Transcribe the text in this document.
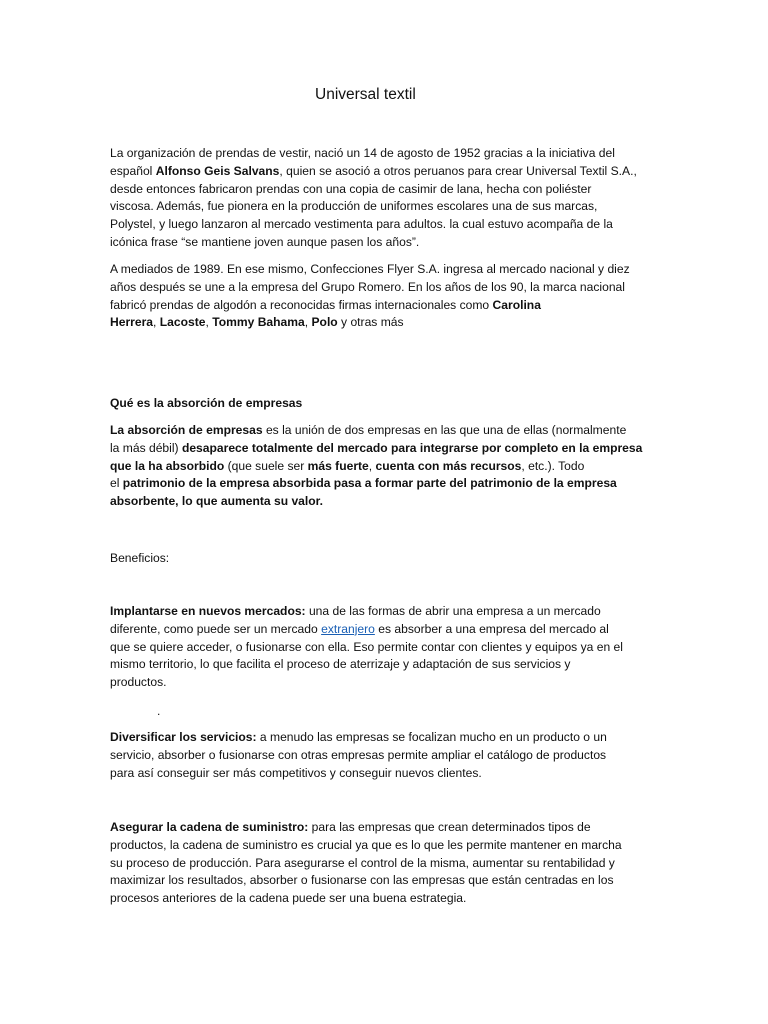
Universal textil

La organización de prendas de vestir, nació un 14 de agosto de 1952 gracias a la iniciativa del
español Alfonso Geis Salvans, quien se asoció a otros peruanos para crear Universal Textil S.A.,
desde entonces fabricaron prendas con una copia de casimir de lana, hecha con poliéster
viscosa. Además, fue pionera en la producción de uniformes escolares una de sus marcas,
Polystel, y luego lanzaron al mercado vestimenta para adultos. la cual estuvo acompaña de la
icónica frase “se mantiene joven aunque pasen los años”.

A mediados de 1989. En ese mismo, Confecciones Flyer S.A. ingresa al mercado nacional y diez
años después se une a la empresa del Grupo Romero. En los años de los 90, la marca nacional
fabricó prendas de algodón a reconocidas firmas internacionales como Carolina
Herrera, Lacoste, Tommy Bahama, Polo y otras más

Qué es la absorción de empresas

La absorción de empresas es la unión de dos empresas en las que una de ellas (normalmente
la más débil) desaparece totalmente del mercado para integrarse por completo en la empresa
que la ha absorbido (que suele ser más fuerte, cuenta con más recursos, etc.). Todo
el patrimonio de la empresa absorbida pasa a formar parte del patrimonio de la empresa
absorbente, lo que aumenta su valor.

Beneficios:

Implantarse en nuevos mercados: una de las formas de abrir una empresa a un mercado
diferente, como puede ser un mercado extranjero es absorber a una empresa del mercado al
que se quiere acceder, o fusionarse con ella. Eso permite contar con clientes y equipos ya en el
mismo territorio, lo que facilita el proceso de aterrizaje y adaptación de sus servicios y
productos.

.

Diversificar los servicios: a menudo las empresas se focalizan mucho en un producto o un
servicio, absorber o fusionarse con otras empresas permite ampliar el catálogo de productos
para así conseguir ser más competitivos y conseguir nuevos clientes.

Asegurar la cadena de suministro: para las empresas que crean determinados tipos de
productos, la cadena de suministro es crucial ya que es lo que les permite mantener en marcha
su proceso de producción. Para asegurarse el control de la misma, aumentar su rentabilidad y
maximizar los resultados, absorber o fusionarse con las empresas que están centradas en los
procesos anteriores de la cadena puede ser una buena estrategia.
